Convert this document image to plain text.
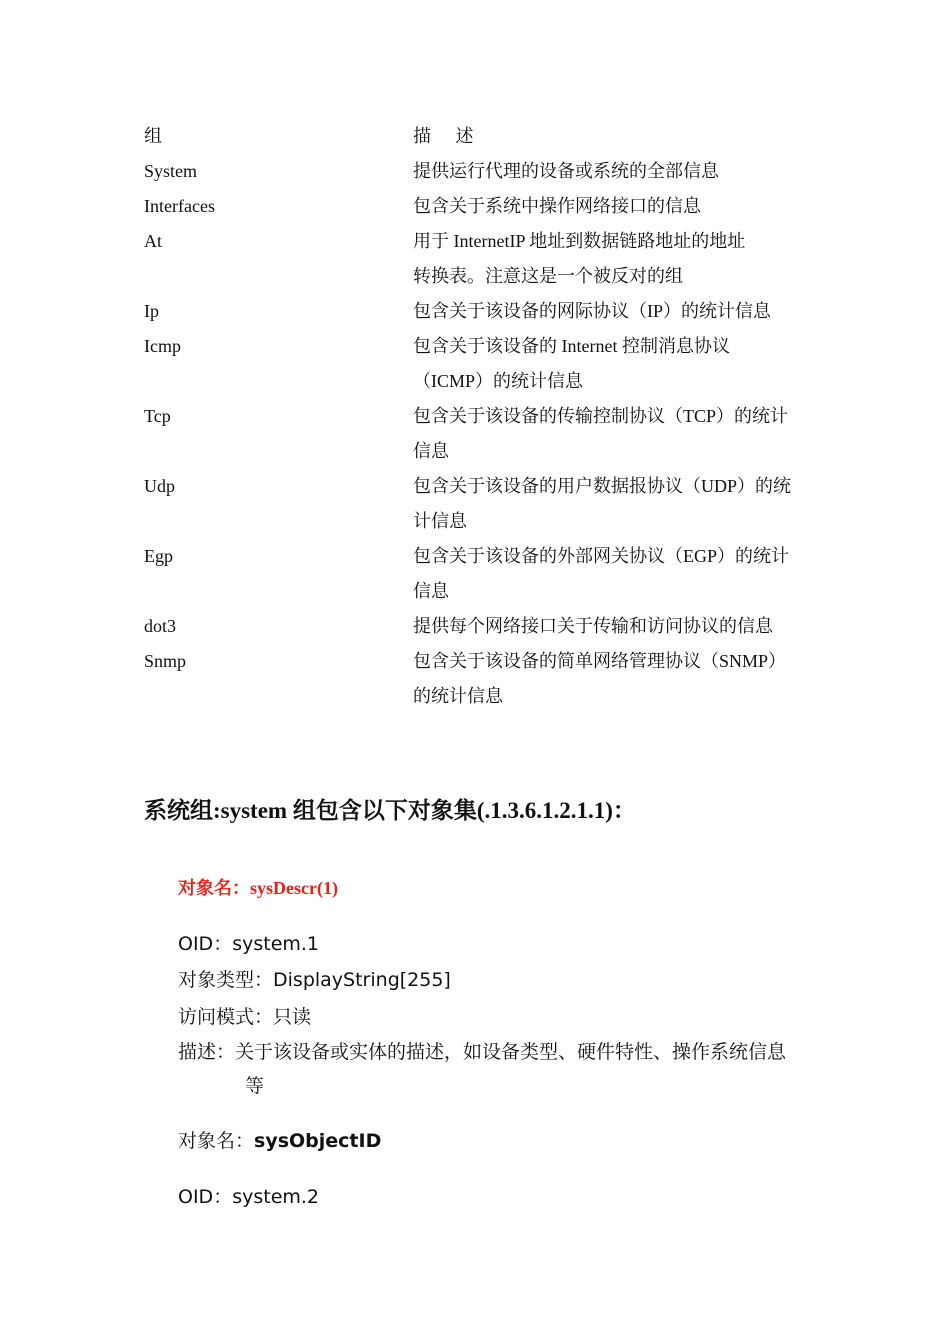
组	描 述
System	提供运行代理的设备或系统的全部信息
Interfaces	包含关于系统中操作网络接口的信息
At	用于 InternetIP 地址到数据链路地址的地址
转换表。注意这是一个被反对的组
Ip	包含关于该设备的网际协议（IP）的统计信息
Icmp	包含关于该设备的 Internet 控制消息协议
（ICMP）的统计信息
Tcp	包含关于该设备的传输控制协议（TCP）的统计
信息
Udp	包含关于该设备的用户数据报协议（UDP）的统
计信息
Egp	包含关于该设备的外部网关协议（EGP）的统计
信息
dot3	提供每个网络接口关于传输和访问协议的信息
Snmp	包含关于该设备的简单网络管理协议（SNMP）
的统计信息
系统组:system 组包含以下对象集(.1.3.6.1.2.1.1)：
对象名：sysDescr(1)
OID：system.1
对象类型：DisplayString[255]
访问模式：只读
描述：关于该设备或实体的描述，如设备类型、硬件特性、操作系统信息
等
对象名：sysObjectID
OID：system.2
